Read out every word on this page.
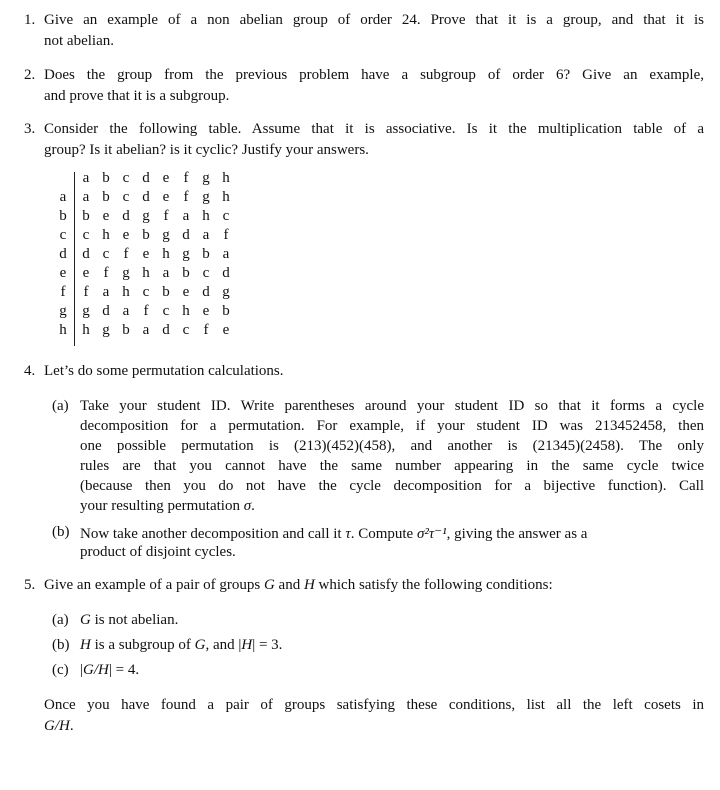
1. Give an example of a non abelian group of order 24. Prove that it is a group, and that it is
not abelian.
2. Does the group from the previous problem have a subgroup of order 6? Give an example,
and prove that it is a subgroup.
3. Consider the following table. Assume that it is associative. Is it the multiplication table of a
group? Is it abelian? is it cyclic? Justify your answers.
a b c d e f g h
a	a b c d e f g h
b	b e d g f a h c
c	c h e b g d a f
d	d c f e h g b a
e	e f g h a b c d
f	f a h c b e d g
g	g d a f c h e b
h	h g b a d c f e
4. Let’s do some permutation calculations.
(a) Take your student ID. Write parentheses around your student ID so that it forms a cycle
decomposition for a permutation. For example, if your student ID was 213452458, then
one possible permutation is (213)(452)(458), and another is (21345)(2458). The only
rules are that you cannot have the same number appearing in the same cycle twice
(because then you do not have the cycle decomposition for a bijective function). Call
your resulting permutation σ.
(b) Now take another decomposition and call it τ. Compute σ²τ⁻¹, giving the answer as a
product of disjoint cycles.
5. Give an example of a pair of groups G and H which satisfy the following conditions:
(a) G is not abelian.
(b) H is a subgroup of G, and |H| = 3.
(c) |G/H| = 4.
Once you have found a pair of groups satisfying these conditions, list all the left cosets in
G/H.
